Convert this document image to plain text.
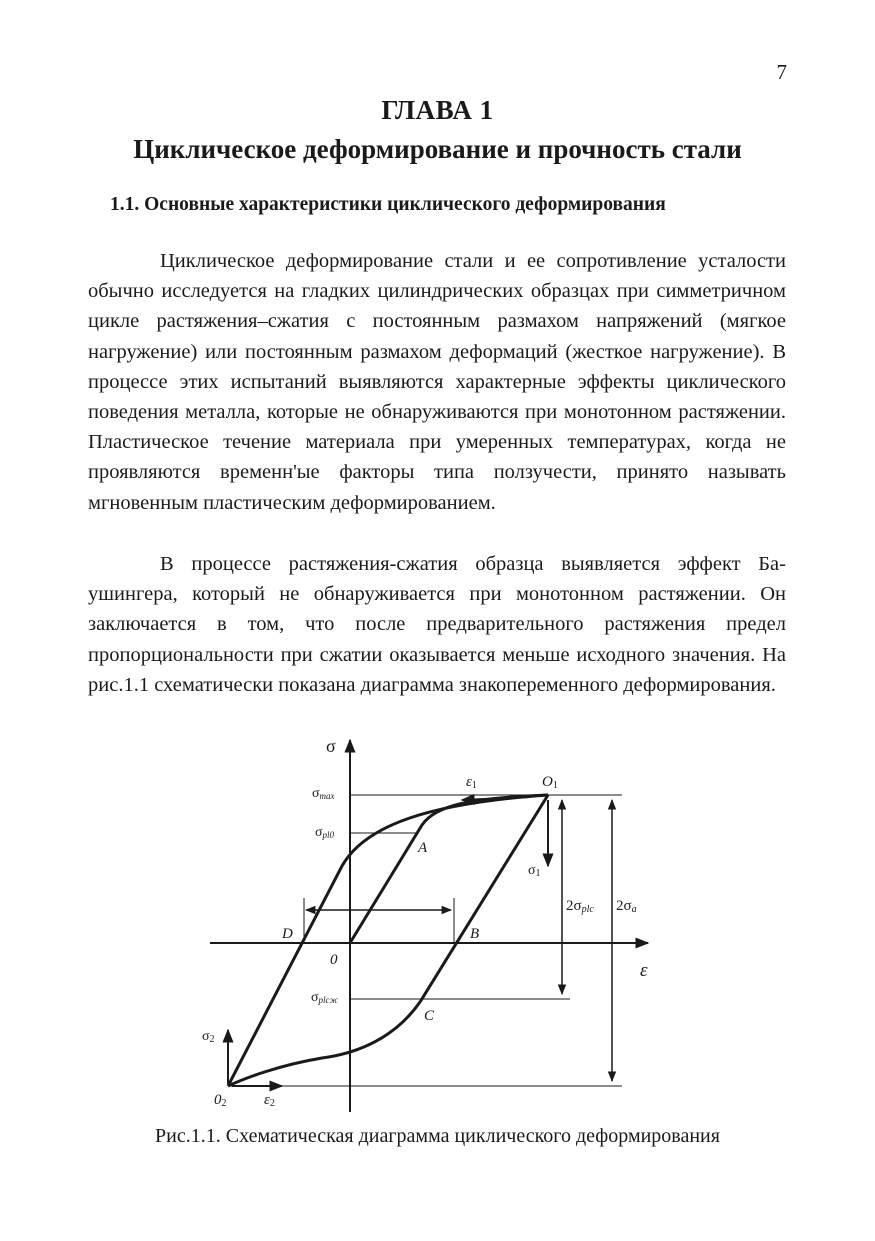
7
ГЛАВА 1
Циклическое деформирование и прочность стали
1.1. Основные характеристики циклического деформирования

Циклическое деформирование стали и ее сопротивление усталости обычно исследуется на гладких цилиндрических образцах при симметричном цикле растяжения–сжатия с постоянным размахом напряжений (мягкое нагружение) или постоянным размахом деформаций (жесткое нагружение). В процессе этих испытаний выявляются характерные эффекты циклического поведения металла, которые не обнаруживаются при монотонном растяжении. Пластическое течение материала при умеренных температурах, когда не проявляются временн'ые факторы типа ползучести, принято называть мгновенным пластическим деформированием.

В процессе растяжения-сжатия образца выявляется эффект Баушингера, который не обнаруживается при монотонном растяжении. Он заключается в том, что после предварительного растяжения предел пропорциональности при сжатии оказывается меньше исходного значения. На рис.1.1 схематически показана диаграмма знакопеременного деформирования.

σ
ε
σmax
σpl0
σplcж
2σplc 2σa
O1
ε1
σ1
σ2
02	ε2
A
B
C
D
0
Рис.1.1. Схематическая диаграмма циклического деформирования
